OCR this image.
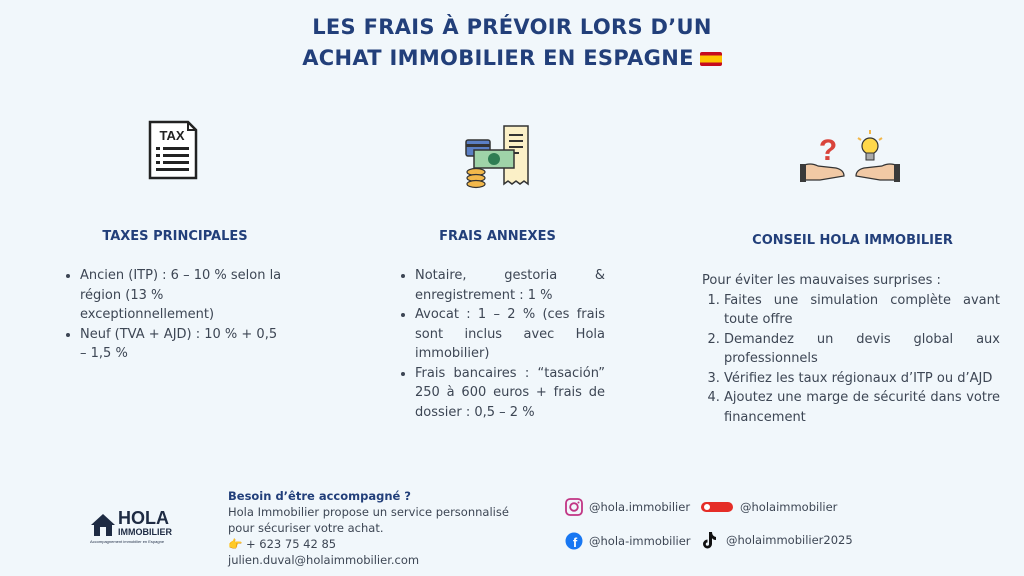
LES FRAIS À PRÉVOIR LORS D’UN
ACHAT IMMOBILIER EN ESPAGNE
TAX	?
TAXES PRINCIPALES
• Ancien (ITP) : 6 – 10 % selon la région (13 % exceptionnellement)
• Neuf (TVA + AJD) : 10 % + 0,5 – 1,5 %
FRAIS ANNEXES
• Notaire, gestoria & enregistrement : 1 %
• Avocat : 1 – 2 % (ces frais sont inclus avec Hola immobilier)
• Frais bancaires : “tasación” 250 à 600 euros + frais de dossier : 0,5 – 2 %
CONSEIL HOLA IMMOBILIER
Pour éviter les mauvaises surprises :
1. Faites une simulation complète avant toute offre
2. Demandez un devis global aux professionnels
3. Vérifiez les taux régionaux d’ITP ou d’AJD
4. Ajoutez une marge de sécurité dans votre financement
HOLA
IMMOBILIER
Accompagnement immobilier en Espagne
Besoin d’être accompagné ?
Hola Immobilier propose un service personnalisé pour sécuriser votre achat.
👉 + 623 75 42 85
julien.duval@holaimmobilier.com
@hola.immobilier	@holaimmobilier
f @hola-immobilier	@holaimmobilier2025
